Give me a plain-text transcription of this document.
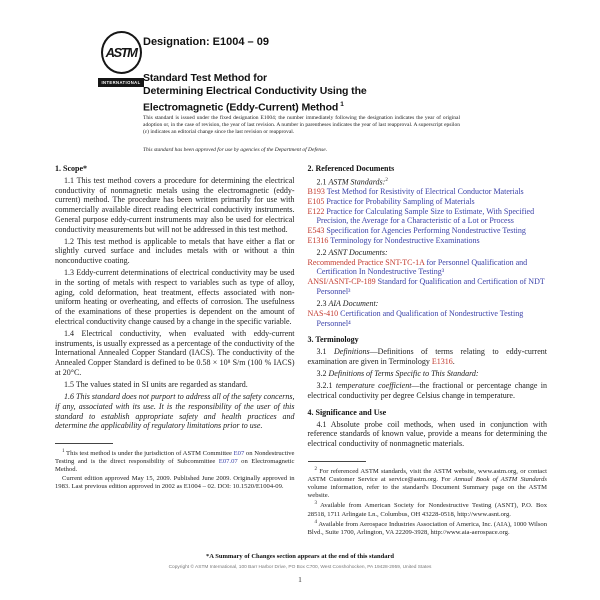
ASTM
INTERNATIONAL
Designation: E1004 – 09
Standard Test Method for
Determining Electrical Conductivity Using the
Electromagnetic (Eddy-Current) Method $^1$

This standard is issued under the fixed designation E1004; the number immediately following the designation indicates the year of original adoption or, in the case of revision, the year of last revision. A number in parentheses indicates the year of last reapproval. A superscript epsilon (ε) indicates an editorial change since the last revision or reapproval.

This standard has been approved for use by agencies of the Department of Defense.

1. Scope*

1.1 This test method covers a procedure for determining the electrical conductivity of nonmagnetic metals using the electromagnetic (eddy-current) method. The procedure has been written primarily for use with commercially available direct reading electrical conductivity instruments. General purpose eddy-current instruments may also be used for electrical conductivity measurements but will not be addressed in this test method.

1.2 This test method is applicable to metals that have either a flat or slightly curved surface and includes metals with or without a thin nonconductive coating.

1.3 Eddy-current determinations of electrical conductivity may be used in the sorting of metals with respect to variables such as type of alloy, aging, cold deformation, heat treatment, effects associated with non-uniform heating or overheating, and effects of corrosion. The usefulness of the examinations of these properties is dependent on the amount of electrical conductivity change caused by a change in the specific variable.

1.4 Electrical conductivity, when evaluated with eddy-current instruments, is usually expressed as a percentage of the conductivity of the International Annealed Copper Standard (IACS). The conductivity of the Annealed Copper Standard is defined to be 0.58 × 10⁸ S/m (100 % IACS) at 20°C.

1.5 The values stated in SI units are regarded as standard.

1.6 This standard does not purport to address all of the safety concerns, if any, associated with its use. It is the responsibility of the user of this standard to establish appropriate safety and health practices and determine the applicability of regulatory limitations prior to use.

$^1$ This test method is under the jurisdiction of ASTM Committee E07 on Nondestructive Testing and is the direct responsibility of Subcommittee E07.07 on Electromagnetic Method.

Current edition approved May 15, 2009. Published June 2009. Originally approved in 1983. Last previous edition approved in 2002 as E1004 – 02. DOI: 10.1520/E1004-09.

2. Referenced Documents

2.1 ASTM Standards:$^2$

B193 Test Method for Resistivity of Electrical Conductor Materials
E105 Practice for Probability Sampling of Materials
E122 Practice for Calculating Sample Size to Estimate, With Specified Precision, the Average for a Characteristic of a Lot or Process
E543 Specification for Agencies Performing Nondestructive Testing
E1316 Terminology for Nondestructive Examinations

2.2 ASNT Documents:

Recommended Practice SNT-TC-1A for Personnel Qualification and Certification In Nondestructive Testing³
ANSI/ASNT-CP-189 Standard for Qualification and Certification of NDT Personnel³

2.3 AIA Document:

NAS-410 Certification and Qualification of Nondestructive Testing Personnel⁴
3. Terminology

3.1 Definitions—Definitions of terms relating to eddy-current examination are given in Terminology E1316.

3.2 Definitions of Terms Specific to This Standard:

3.2.1 temperature coefficient—the fractional or percentage change in electrical conductivity per degree Celsius change in temperature.

4. Significance and Use

4.1 Absolute probe coil methods, when used in conjunction with reference standards of known value, provide a means for determining the electrical conductivity of nonmagnetic materials.

$^2$ For referenced ASTM standards, visit the ASTM website, www.astm.org, or contact ASTM Customer Service at service@astm.org. For Annual Book of ASTM Standards volume information, refer to the standard's Document Summary page on the ASTM website.

$^3$ Available from American Society for Nondestructive Testing (ASNT), P.O. Box 28518, 1711 Arlingate Ln., Columbus, OH 43228-0518, http://www.asnt.org.

$^4$ Available from Aerospace Industries Association of America, Inc. (AIA), 1000 Wilson Blvd., Suite 1700, Arlington, VA 22209-3928, http://www.aia-aerospace.org.

*A Summary of Changes section appears at the end of this standard
Copyright © ASTM International, 100 Barr Harbor Drive, PO Box C700, West Conshohocken, PA 19428-2959, United States
1
